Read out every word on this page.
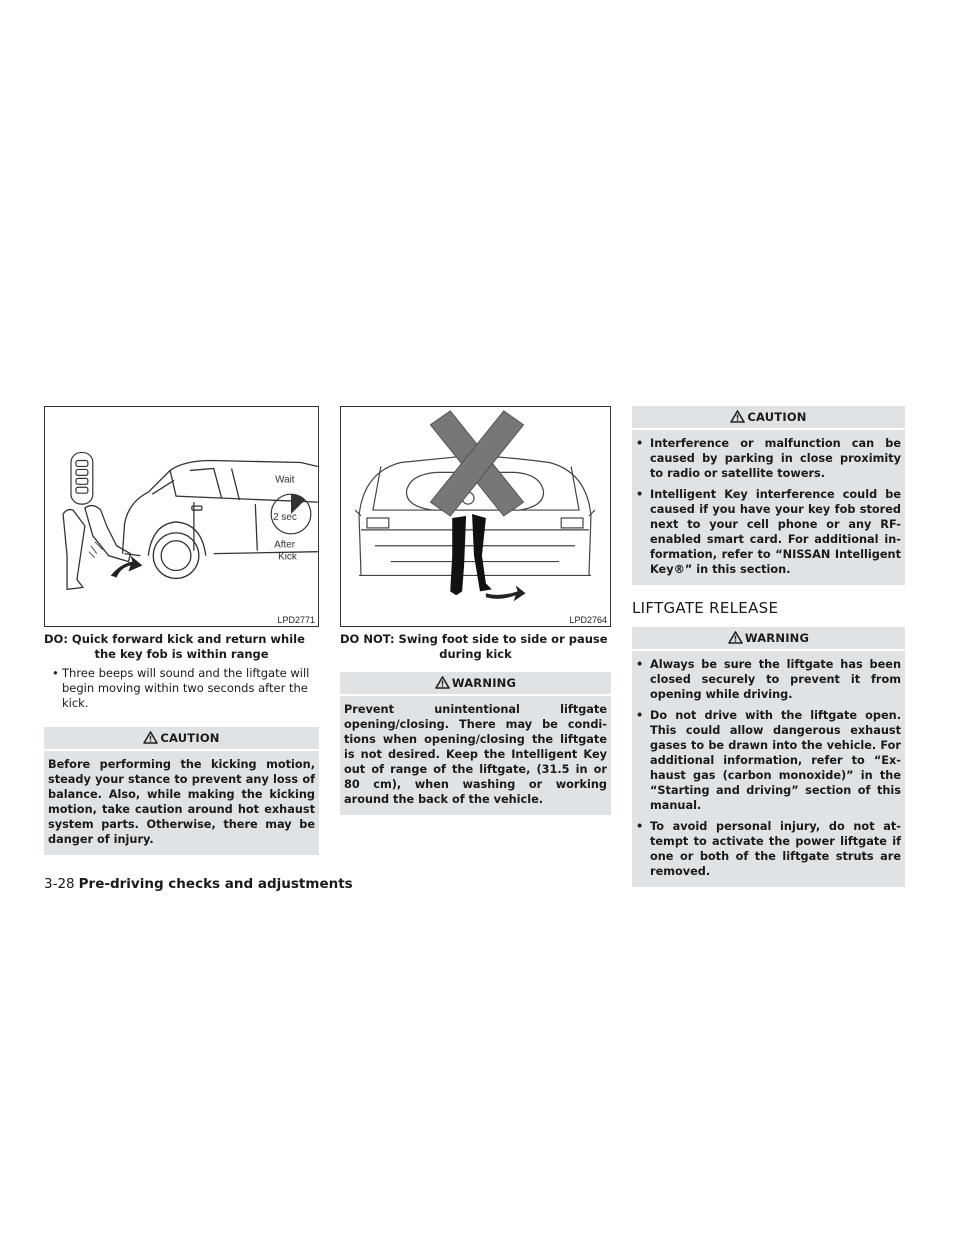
Wait
2 sec
After
Kick
LPD2771
DO: Quick forward kick and return while
the key fob is within range
• Three beeps will sound and the liftgate will begin moving within two seconds after the kick.
CAUTION
Before performing the kicking motion, steady your stance to prevent any loss of balance. Also, while making the kicking motion, take caution around hot exhaust system parts. Otherwise, there may be danger of injury.
LPD2764
DO NOT: Swing foot side to side or pause
during kick
WARNING
Prevent unintentional liftgate opening/closing. There may be conditions when opening/closing the liftgate is not desired. Keep the Intelligent Key out of range of the liftgate, (31.5 in or 80 cm), when washing or working around the back of the vehicle.
CAUTION
• Interference or malfunction can be caused by parking in close proximity to radio or satellite towers.
• Intelligent Key interference could be caused if you have your key fob stored next to your cell phone or any RF-enabled smart card. For additional information, refer to “NISSAN Intelligent Key®” in this section.
LIFTGATE RELEASE
WARNING
• Always be sure the liftgate has been closed securely to prevent it from opening while driving.
• Do not drive with the liftgate open. This could allow dangerous exhaust gases to be drawn into the vehicle. For additional information, refer to “Exhaust gas (carbon monoxide)” in the “Starting and driving” section of this manual.
• To avoid personal injury, do not attempt to activate the power liftgate if one or both of the liftgate struts are removed.
3-28 Pre-driving checks and adjustments
